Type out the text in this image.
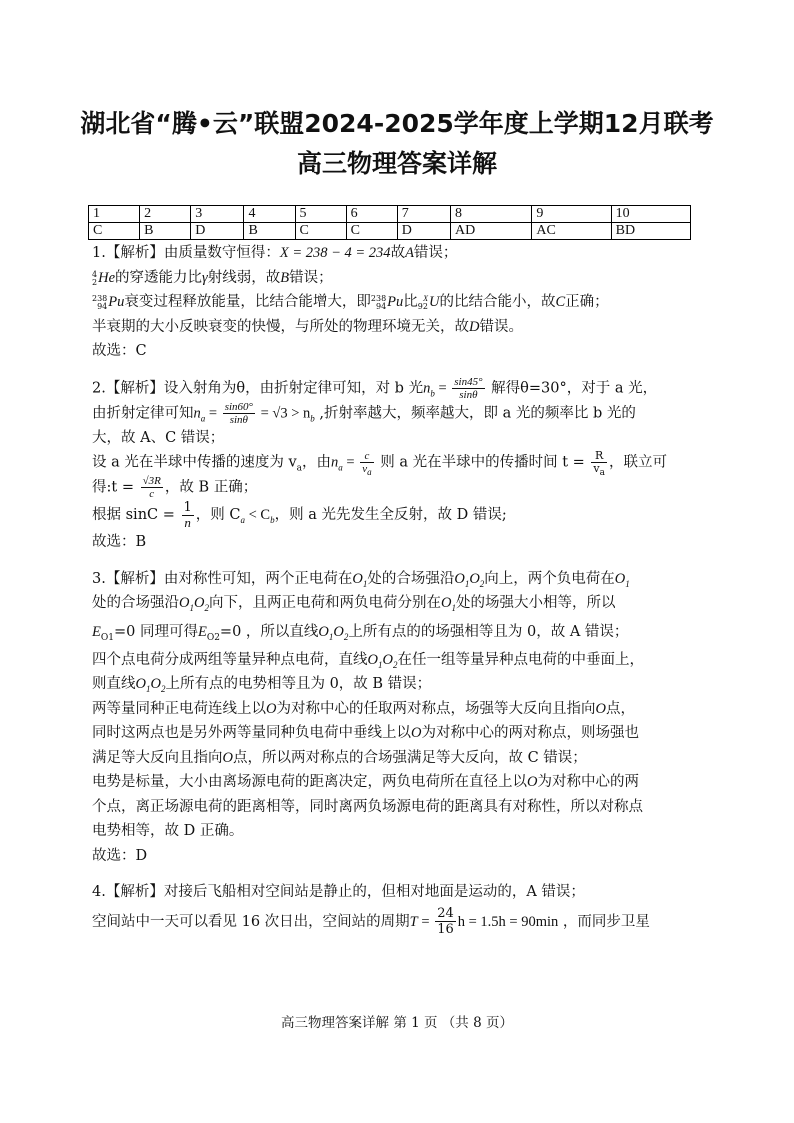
湖北省“腾•云”联盟2024-2025学年度上学期12月联考
高三物理答案详解
1	2	3	4	5	6	7	8	9	10
C	B	D	B	C	C	D	AD	AC	BD

1.【解析】由质量数守恒得：X = 238 − 4 = 234故A错误；

4
2He的穿透能力比γ射线弱，故B错误；

238
94Pu衰变过程释放能量，比结合能增大，即238
94Pu比 X
92U的比结合能小，故C正确；

半衰期的大小反映衰变的快慢，与所处的物理环境无关，故D错误。

故选：C

2.【解析】设入射角为θ，由折射定律可知，对 b 光$n_b = \frac{\sin 45^\circ}{\sin\theta}$ 解得θ=30°，对于 a 光，

由折射定律可知$n_a = \frac{\sin 60^\circ}{\sin\theta} = √3 > n_b$ ,折射率越大，频率越大，即 a 光的频率比 b 光的

大，故 A、C 错误；

设 a 光在半球中传播的速度为 $v_a$，由$n_a = \frac{c}{v_a}$ 则 a 光在半球中的传播时间 $t = \frac{R}{v_a}$ ，联立可

得:t = $\frac{√3R}{c}$ ，故 B 正确；

根据 $\sin C = \frac{1}{n}$ ，则 $C_a < C_b$，则 a 光先发生全反射，故 D 错误;

故选：B

3.【解析】由对称性可知，两个正电荷在$O_1$处的合场强沿$O_1O_2$向上，两个负电荷在$O_1$

处的合场强沿$O_1O_2$向下，且两正电荷和两负电荷分别在$O_1$处的场强大小相等，所以

$E_{O1}=0$ 同理可得$E_{O2}=0$ ，所以直线$O_1O_2$上所有点的的场强相等且为 0，故 A 错误；

四个点电荷分成两组等量异种点电荷，直线$O_1O_2$在任一组等量异种点电荷的中垂面上，

则直线$O_1O_2$上所有点的电势相等且为 0，故 B 错误；

两等量同种正电荷连线上以O为对称中心的任取两对称点，场强等大反向且指向O点，

同时这两点也是另外两等量同种负电荷中垂线上以O为对称中心的两对称点，则场强也

满足等大反向且指向O点，所以两对称点的合场强满足等大反向，故 C 错误；

电势是标量，大小由离场源电荷的距离决定，两负电荷所在直径上以O为对称中心的两

个点，离正场源电荷的距离相等，同时离两负场源电荷的距离具有对称性，所以对称点

电势相等，故 D 正确。

故选：D

4.【解析】对接后飞船相对空间站是静止的，但相对地面是运动的，A 错误；

空间站中一天可以看见 16 次日出，空间站的周期$T = \frac{24}{16}$ h = 1.5h = 90min ，而同步卫星

高三物理答案详解 第 1 页 （共 8 页）
